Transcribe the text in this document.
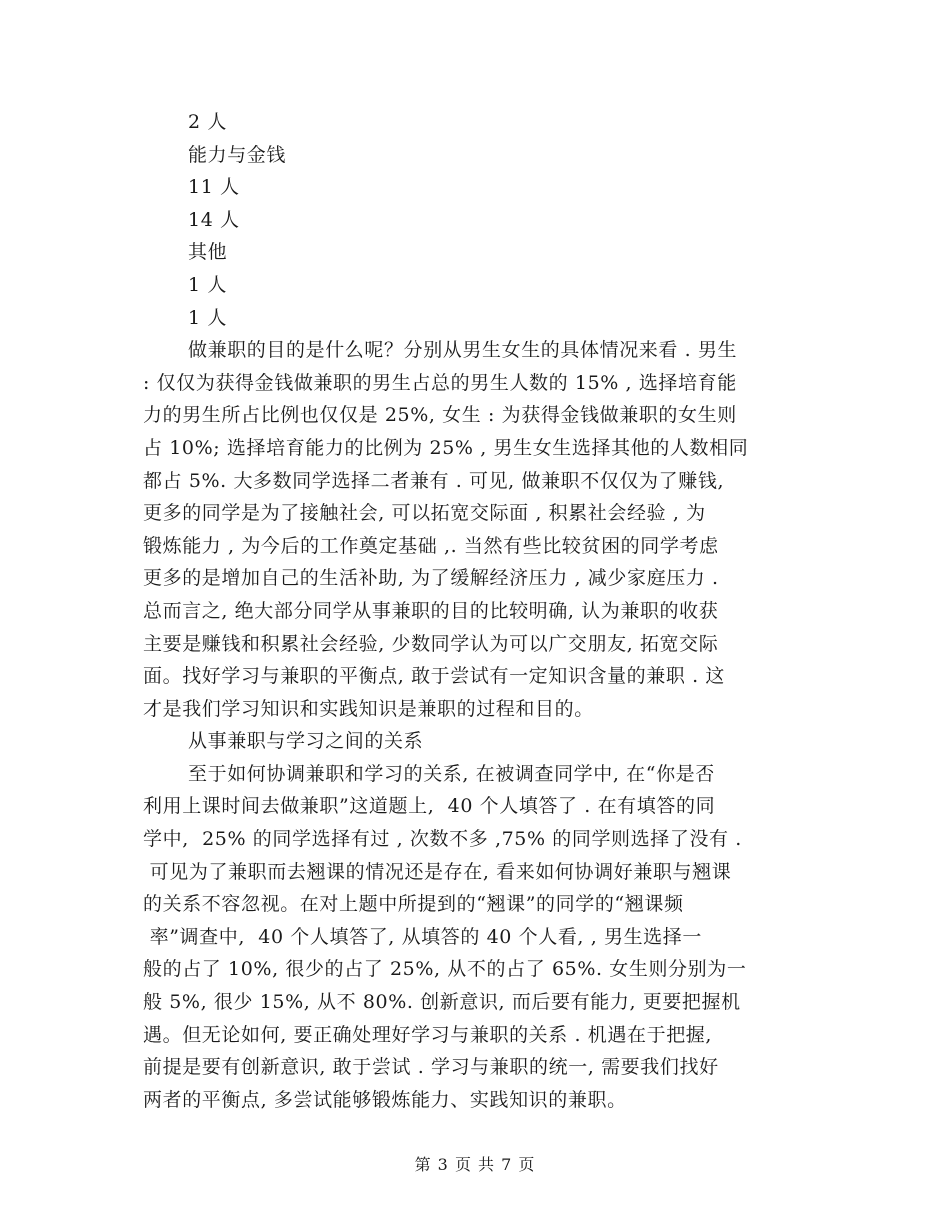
2 人
能力与金钱
11 人
14 人
其他
1 人
1 人
做兼职的目的是什么呢？分别从男生女生的具体情况来看 . 男生
: 仅仅为获得金钱做兼职的男生占总的男生人数的 15% , 选择培育能
力的男生所占比例也仅仅是 25%, 女生 : 为获得金钱做兼职的女生则
占 10%; 选择培育能力的比例为 25% , 男生女生选择其他的人数相同
都占 5%. 大多数同学选择二者兼有 . 可见, 做兼职不仅仅为了赚钱,
更多的同学是为了接触社会, 可以拓宽交际面 , 积累社会经验 , 为
锻炼能力 , 为今后的工作奠定基础 ,. 当然有些比较贫困的同学考虑
更多的是增加自己的生活补助, 为了缓解经济压力 , 减少家庭压力 .
总而言之, 绝大部分同学从事兼职的目的比较明确, 认为兼职的收获
主要是赚钱和积累社会经验, 少数同学认为可以广交朋友, 拓宽交际
面。找好学习与兼职的平衡点, 敢于尝试有一定知识含量的兼职 . 这
才是我们学习知识和实践知识是兼职的过程和目的。
从事兼职与学习之间的关系
至于如何协调兼职和学习的关系, 在被调查同学中, 在“你是否
利用上课时间去做兼职”这道题上,  40 个人填答了 . 在有填答的同
学中,  25% 的同学选择有过 , 次数不多 ,75% 的同学则选择了没有 .
可见为了兼职而去翘课的情况还是存在, 看来如何协调好兼职与翘课
的关系不容忽视。在对上题中所提到的“翘课”的同学的“翘课频
率”调查中,  40 个人填答了, 从填答的 40 个人看, , 男生选择一
般的占了 10%, 很少的占了 25%, 从不的占了 65%. 女生则分别为一
般 5%, 很少 15%, 从不 80%. 创新意识, 而后要有能力, 更要把握机
遇。但无论如何, 要正确处理好学习与兼职的关系 . 机遇在于把握,
前提是要有创新意识, 敢于尝试 . 学习与兼职的统一, 需要我们找好
两者的平衡点, 多尝试能够锻炼能力、实践知识的兼职。
第 3 页 共 7 页
